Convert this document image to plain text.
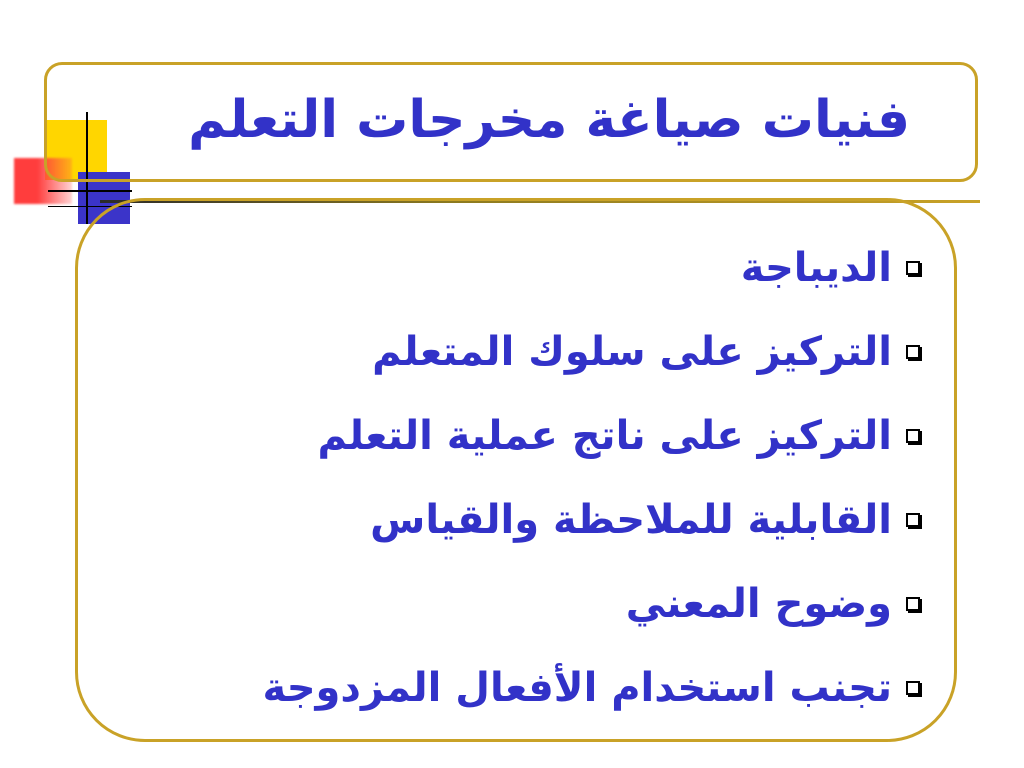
فنيات صياغة مخرجات التعلم
الديباجة
التركيز على سلوك المتعلم
التركيز على ناتج عملية التعلم
القابلية للملاحظة والقياس
وضوح المعني
تجنب استخدام الأفعال المزدوجة
